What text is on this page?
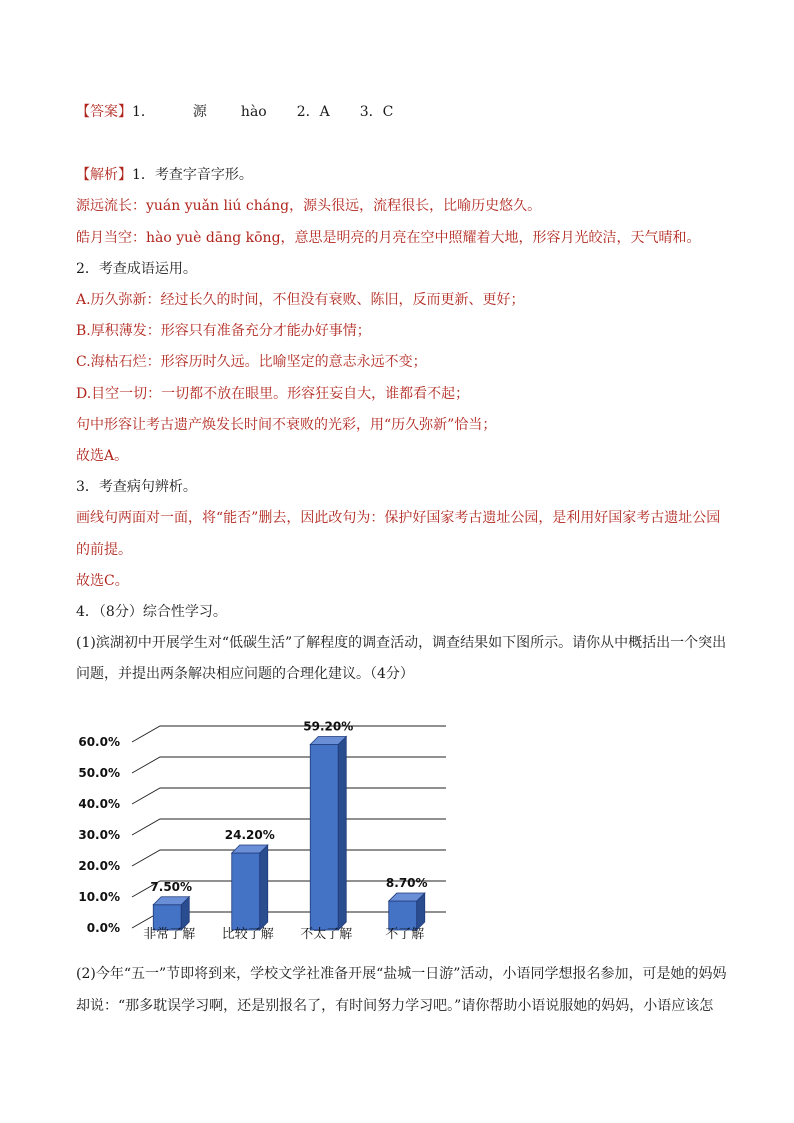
【答案】1．	源 hào 2．A 3．C
【解析】1．考查字音字形。
源远流长：yuán yuǎn liú cháng，源头很远，流程很长，比喻历史悠久。
皓月当空：hào yuè dāng kōng，意思是明亮的月亮在空中照耀着大地，形容月光皎洁，天气晴和。
2．考查成语运用。
A.历久弥新：经过长久的时间，不但没有衰败、陈旧，反而更新、更好；
B.厚积薄发：形容只有准备充分才能办好事情；
C.海枯石烂：形容历时久远。比喻坚定的意志永远不变；
D.目空一切：一切都不放在眼里。形容狂妄自大，谁都看不起；
句中形容让考古遗产焕发长时间不衰败的光彩，用“历久弥新”恰当；
故选A。
3．考查病句辨析。
画线句两面对一面，将“能否”删去，因此改句为：保护好国家考古遗址公园，是利用好国家考古遗址公园
的前提。
故选C。
4．（8分）综合性学习。
(1)滨湖初中开展学生对“低碳生活”了解程度的调查活动，调查结果如下图所示。请你从中概括出一个突出
问题，并提出两条解决相应问题的合理化建议。（4分）
0.0%
10.0%
20.0%
30.0%
40.0%
50.0%
60.0%
7.50%
24.20%
59.20%
8.70%
非常了解 比较了解 不太了解	不了解
(2)今年“五一”节即将到来，学校文学社准备开展“盐城一日游”活动，小语同学想报名参加，可是她的妈妈
却说：“那多耽误学习啊，还是别报名了，有时间努力学习吧。”请你帮助小语说服她的妈妈，小语应该怎
